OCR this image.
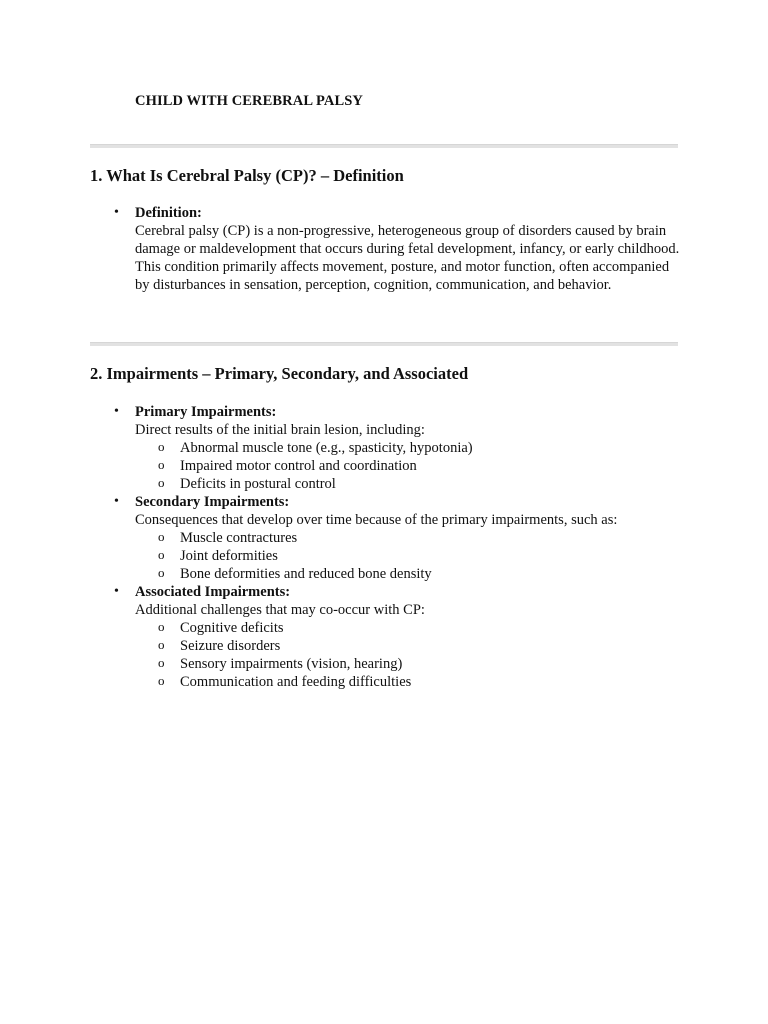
CHILD WITH CEREBRAL PALSY
1. What Is Cerebral Palsy (CP)? – Definition
• Definition:
Cerebral palsy (CP) is a non-progressive, heterogeneous group of disorders caused by brain damage or maldevelopment that occurs during fetal development, infancy, or early childhood. This condition primarily affects movement, posture, and motor function, often accompanied by disturbances in sensation, perception, cognition, communication, and behavior.
2. Impairments – Primary, Secondary, and Associated
• Primary Impairments:
Direct results of the initial brain lesion, including:
o Abnormal muscle tone (e.g., spasticity, hypotonia)
o Impaired motor control and coordination
o Deficits in postural control
• Secondary Impairments:
Consequences that develop over time because of the primary impairments, such as:
o Muscle contractures
o Joint deformities
o Bone deformities and reduced bone density
• Associated Impairments:
Additional challenges that may co-occur with CP:
o Cognitive deficits
o Seizure disorders
o Sensory impairments (vision, hearing)
o Communication and feeding difficulties
